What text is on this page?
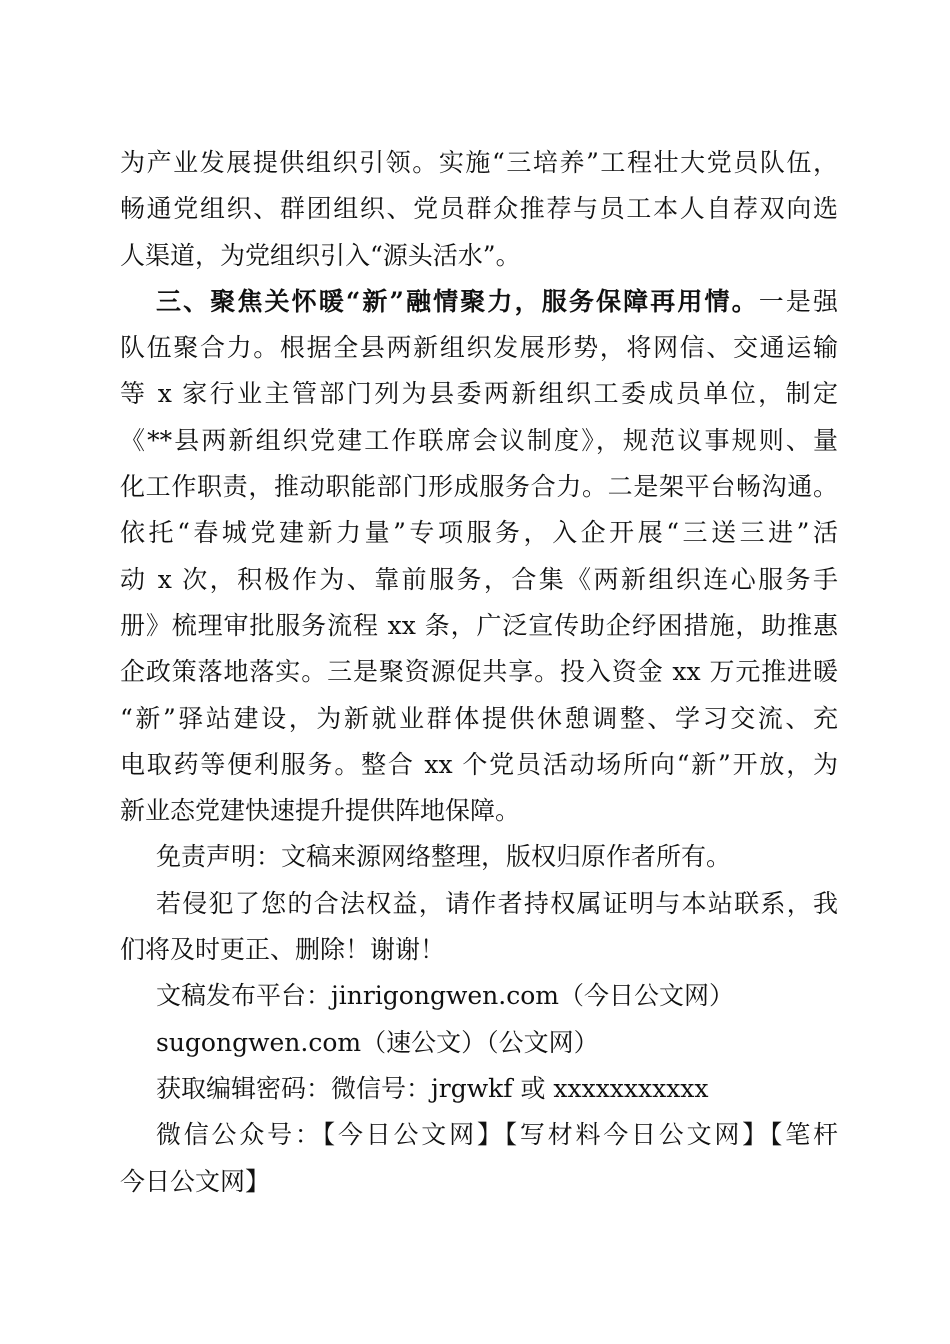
为产业发展提供组织引领。实施“三培养”工程壮大党员队伍，
畅通党组织、群团组织、党员群众推荐与员工本人自荐双向选
人渠道，为党组织引入“源头活水”。
三、聚焦关怀暖“新”融情聚力，服务保障再用情。一是强
队伍聚合力。根据全县两新组织发展形势，将网信、交通运输
等 x 家行业主管部门列为县委两新组织工委成员单位，制定
《**县两新组织党建工作联席会议制度》，规范议事规则、量
化工作职责，推动职能部门形成服务合力。二是架平台畅沟通。
依托“春城党建新力量”专项服务，入企开展“三送三进”活
动 x 次，积极作为、靠前服务，合集《两新组织连心服务手
册》梳理审批服务流程 xx 条，广泛宣传助企纾困措施，助推惠
企政策落地落实。三是聚资源促共享。投入资金 xx 万元推进暖
“新”驿站建设，为新就业群体提供休憩调整、学习交流、充
电取药等便利服务。整合 xx 个党员活动场所向“新”开放，为
新业态党建快速提升提供阵地保障。
免责声明：文稿来源网络整理，版权归原作者所有。
若侵犯了您的合法权益，请作者持权属证明与本站联系，我
们将及时更正、删除！谢谢！
文稿发布平台：jinrigongwen.com（今日公文网）
sugongwen.com（速公文）（公文网）
获取编辑密码：微信号：jrgwkf 或 xxxxxxxxxxx
微信公众号：【今日公文网】【写材料今日公文网】【笔杆
今日公文网】
